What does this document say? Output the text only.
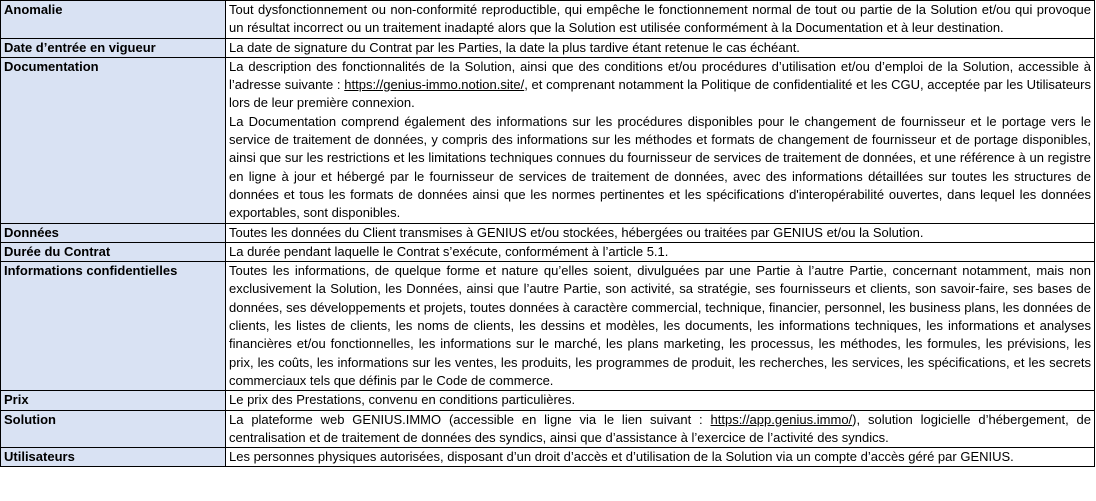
Anomalie	Tout dysfonctionnement ou non-conformité reproductible, qui empêche le fonctionnement normal de tout ou partie de la Solution et/ou qui provoque un résultat incorrect ou un traitement inadapté alors que la Solution est utilisée conformément à la Documentation et à leur destination.
Date d’entrée en vigueur	La date de signature du Contrat par les Parties, la date la plus tardive étant retenue le cas échéant.
Documentation	La description des fonctionnalités de la Solution, ainsi que des conditions et/ou procédures d’utilisation et/ou d’emploi de la Solution, accessible à l’adresse suivante : https://genius-immo.notion.site/, et comprenant notamment la Politique de confidentialité et les CGU, acceptée par les Utilisateurs lors de leur première connexion.
La Documentation comprend également des informations sur les procédures disponibles pour le changement de fournisseur et le portage vers le service de traitement de données, y compris des informations sur les méthodes et formats de changement de fournisseur et de portage disponibles, ainsi que sur les restrictions et les limitations techniques connues du fournisseur de services de traitement de données, et une référence à un registre en ligne à jour et hébergé par le fournisseur de services de traitement de données, avec des informations détaillées sur toutes les structures de données et tous les formats de données ainsi que les normes pertinentes et les spécifications d'interopérabilité ouvertes, dans lequel les données exportables, sont disponibles.

Données	Toutes les données du Client transmises à GENIUS et/ou stockées, hébergées ou traitées par GENIUS et/ou la Solution.
Durée du Contrat	La durée pendant laquelle le Contrat s’exécute, conformément à l’article 5.1.
Informations confidentielles	Toutes les informations, de quelque forme et nature qu’elles soient, divulguées par une Partie à l’autre Partie, concernant notamment, mais non exclusivement la Solution, les Données, ainsi que l’autre Partie, son activité, sa stratégie, ses fournisseurs et clients, son savoir-faire, ses bases de données, ses développements et projets, toutes données à caractère commercial, technique, financier, personnel, les business plans, les données de clients, les listes de clients, les noms de clients, les dessins et modèles, les documents, les informations techniques, les informations et analyses financières et/ou fonctionnelles, les informations sur le marché, les plans marketing, les processus, les méthodes, les formules, les prévisions, les prix, les coûts, les informations sur les ventes, les produits, les programmes de produit, les recherches, les services, les spécifications, et les secrets commerciaux tels que définis par le Code de commerce.
Prix	Le prix des Prestations, convenu en conditions particulières.
Solution	La plateforme web GENIUS.IMMO (accessible en ligne via le lien suivant : https://app.genius.immo/), solution logicielle d’hébergement, de centralisation et de traitement de données des syndics, ainsi que d’assistance à l’exercice de l’activité des syndics.
Utilisateurs	Les personnes physiques autorisées, disposant d’un droit d’accès et d’utilisation de la Solution via un compte d’accès géré par GENIUS.
